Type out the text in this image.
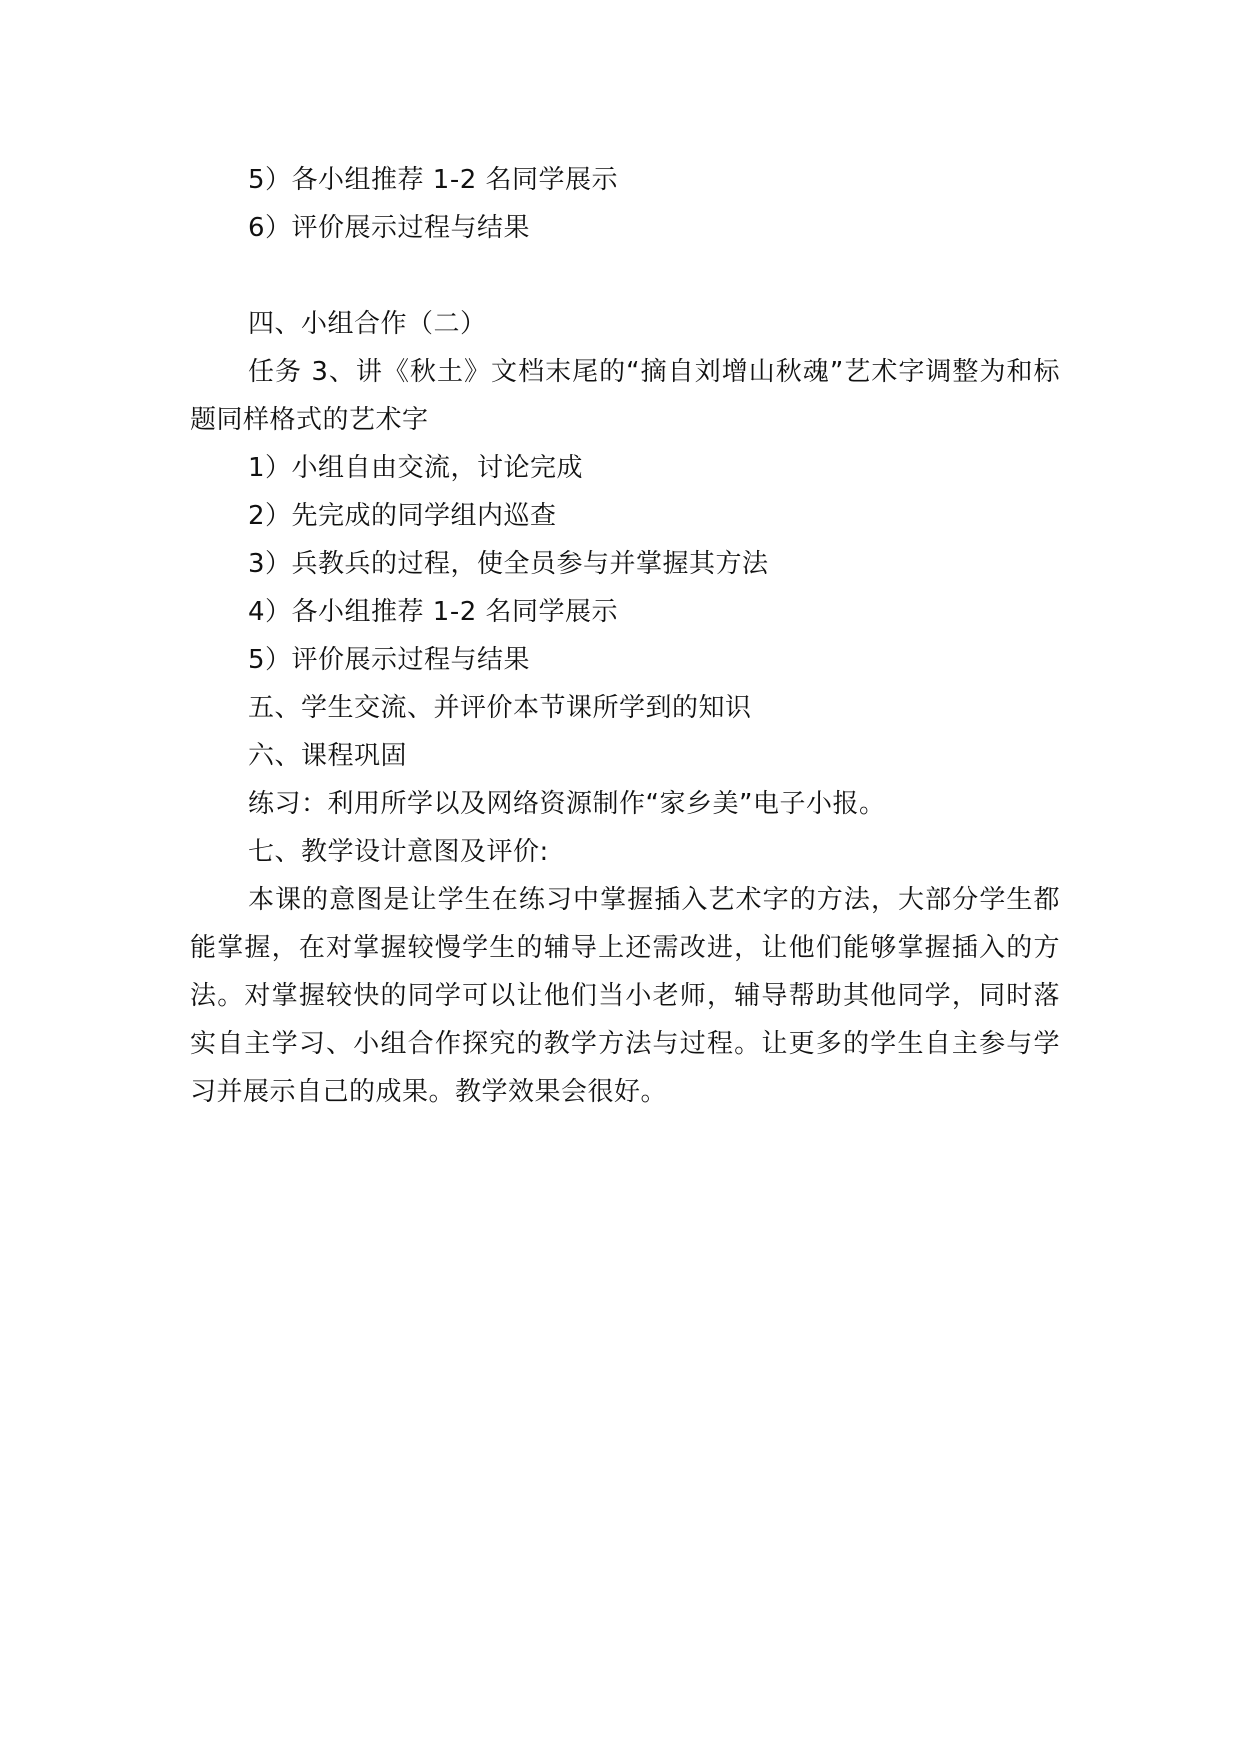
5）各小组推荐 1-2 名同学展示
6）评价展示过程与结果
四、小组合作（二）
任务 3、讲《秋土》文档末尾的“摘自刘增山秋魂”艺术字调整为和标题同样格式的艺术字
1）小组自由交流，讨论完成
2）先完成的同学组内巡查
3）兵教兵的过程，使全员参与并掌握其方法
4）各小组推荐 1-2 名同学展示
5）评价展示过程与结果
五、学生交流、并评价本节课所学到的知识
六、课程巩固
练习：利用所学以及网络资源制作“家乡美”电子小报。
七、教学设计意图及评价:
本课的意图是让学生在练习中掌握插入艺术字的方法，大部分学生都能掌握，在对掌握较慢学生的辅导上还需改进，让他们能够掌握插入的方法。对掌握较快的同学可以让他们当小老师，辅导帮助其他同学，同时落实自主学习、小组合作探究的教学方法与过程。让更多的学生自主参与学习并展示自己的成果。教学效果会很好。
